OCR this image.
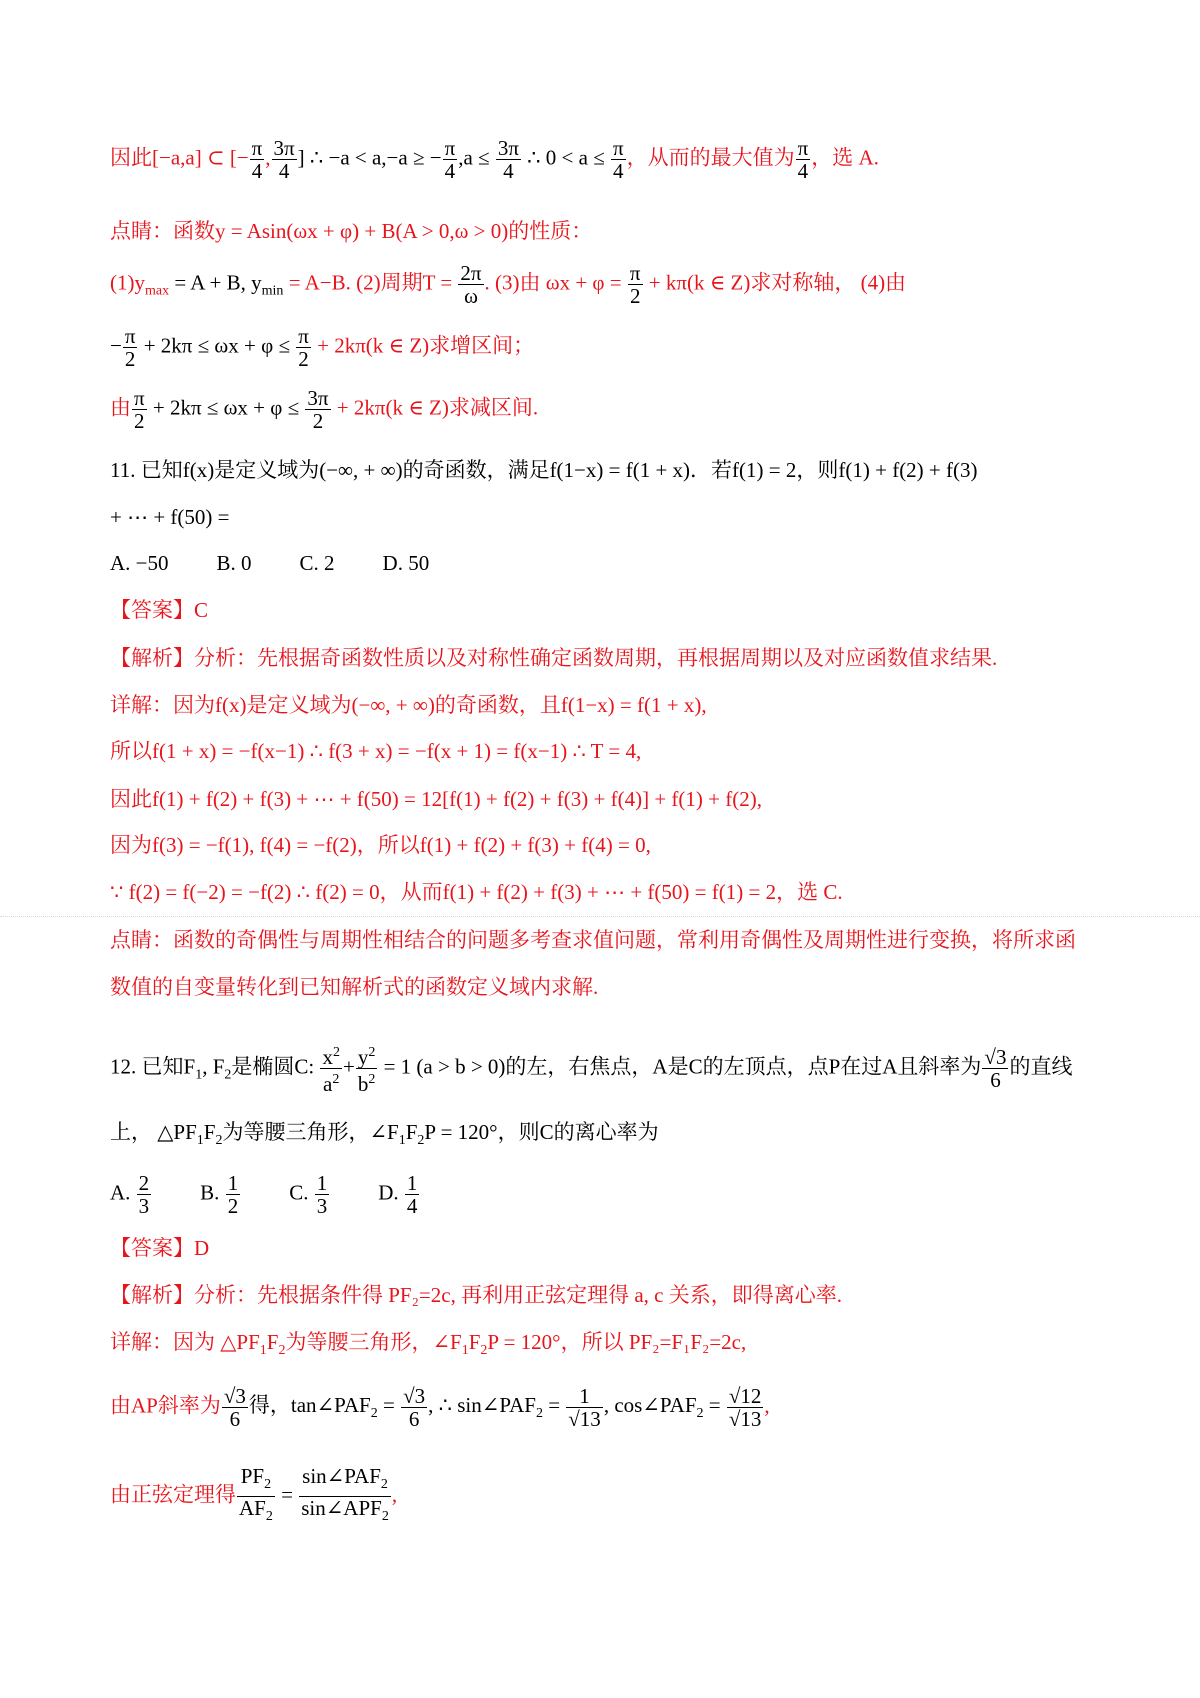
因此[−a,a] ⊂ [− $\frac{\pi}{4}$ , $\frac{3\pi}{4}$ ] ∴ −a < a,−a ≥ − $\frac{\pi}{4} ,a \le \frac{3\pi}{4}$ ∴ $0 < a \le \frac{\pi}{4}$ ，从而的最大值为 $\frac{\pi}{4}$ ，选 A.
点睛：函数y = Asin(ωx + φ) + B(A > 0,ω > 0)的性质：
$(1)y_{max} = A + B$, $y_{min} = A-B$. (2)周期$T = \frac{2\pi}{\omega}$ . (3)由 $\omega x + \varphi = \frac{\pi}{2} + k\pi(k$ ∈ Z)求对称轴， (4)由
− $\frac{\pi}{2} + 2k\pi \le \omega x + \varphi \le \frac{\pi}{2} + 2k\pi(k$ ∈ Z)求增区间；
由 $\frac{\pi}{2} + 2k\pi \le \omega x + \varphi \le \frac{3\pi}{2} + 2k\pi(k$ ∈ Z)求减区间.
11. 已知f(x)是定义域为(−∞, + ∞)的奇函数，满足f(1−x) = f(1 + x)．若f(1) = 2，则f(1) + f(2) + f(3)
+ ⋯ + f(50) =
A. −50 B. 0 C. 2 D. 50
【答案】C
【解析】分析：先根据奇函数性质以及对称性确定函数周期，再根据周期以及对应函数值求结果.
详解：因为f(x)是定义域为(−∞, + ∞)的奇函数，且f(1−x) = f(1 + x),
所以f(1 + x) = −f(x−1) ∴ f(3 + x) = −f(x + 1) = f(x−1) ∴ T = 4,
因此f(1) + f(2) + f(3) + ⋯ + f(50) = 12[f(1) + f(2) + f(3) + f(4)] + f(1) + f(2),
因为f(3) = −f(1), f(4) = −f(2)，所以f(1) + f(2) + f(3) + f(4) = 0,
∵ f(2) = f(−2) = −f(2) ∴ f(2) = 0，从而f(1) + f(2) + f(3) + ⋯ + f(50) = f(1) = 2，选 C.
点睛：函数的奇偶性与周期性相结合的问题多考查求值问题，常利用奇偶性及周期性进行变换，将所求函
数值的自变量转化到已知解析式的函数定义域内求解.
12. 已知$F_1$, $F_2$是椭圆C: $\frac{x^2}{a^2} + \frac{y^2}{b^2} = 1$ (a > b > 0)的左，右焦点，A是C的左顶点，点P在过A且斜率为 $\frac{√3}{6}$ 的直线
上， $\triangle PF_1F_2$为等腰三角形，$\angle F_1F_2P = 120^\circ$，则C的离心率为
A. $\frac{2}{3} B$. $\frac{1}{2} C$. $\frac{1}{3} D$. $\frac{1}{4}$
【答案】D
【解析】分析：先根据条件得 PF₂=2c, 再利用正弦定理得 a, c 关系，即得离心率.
详解：因为 $\triangle PF_1F_2$为等腰三角形，$\angle F_1F_2P = 120^\circ$，所以 PF₂=F₁F₂=2c,
由AP斜率为 $\frac{√3}{6}$ 得，$\tan\angle PAF_2 = \frac{√3}{6}$ , ∴ $\sin\angle PAF_2 = \frac{1}{√13}$ , $\cos\angle PAF_2 = \frac{√12}{√13}$ ,
由正弦定理得 $\frac{PF_2}{AF_2}$ =
$\sin\angle PAF_2$
$\sin\angle APF_2$
,
